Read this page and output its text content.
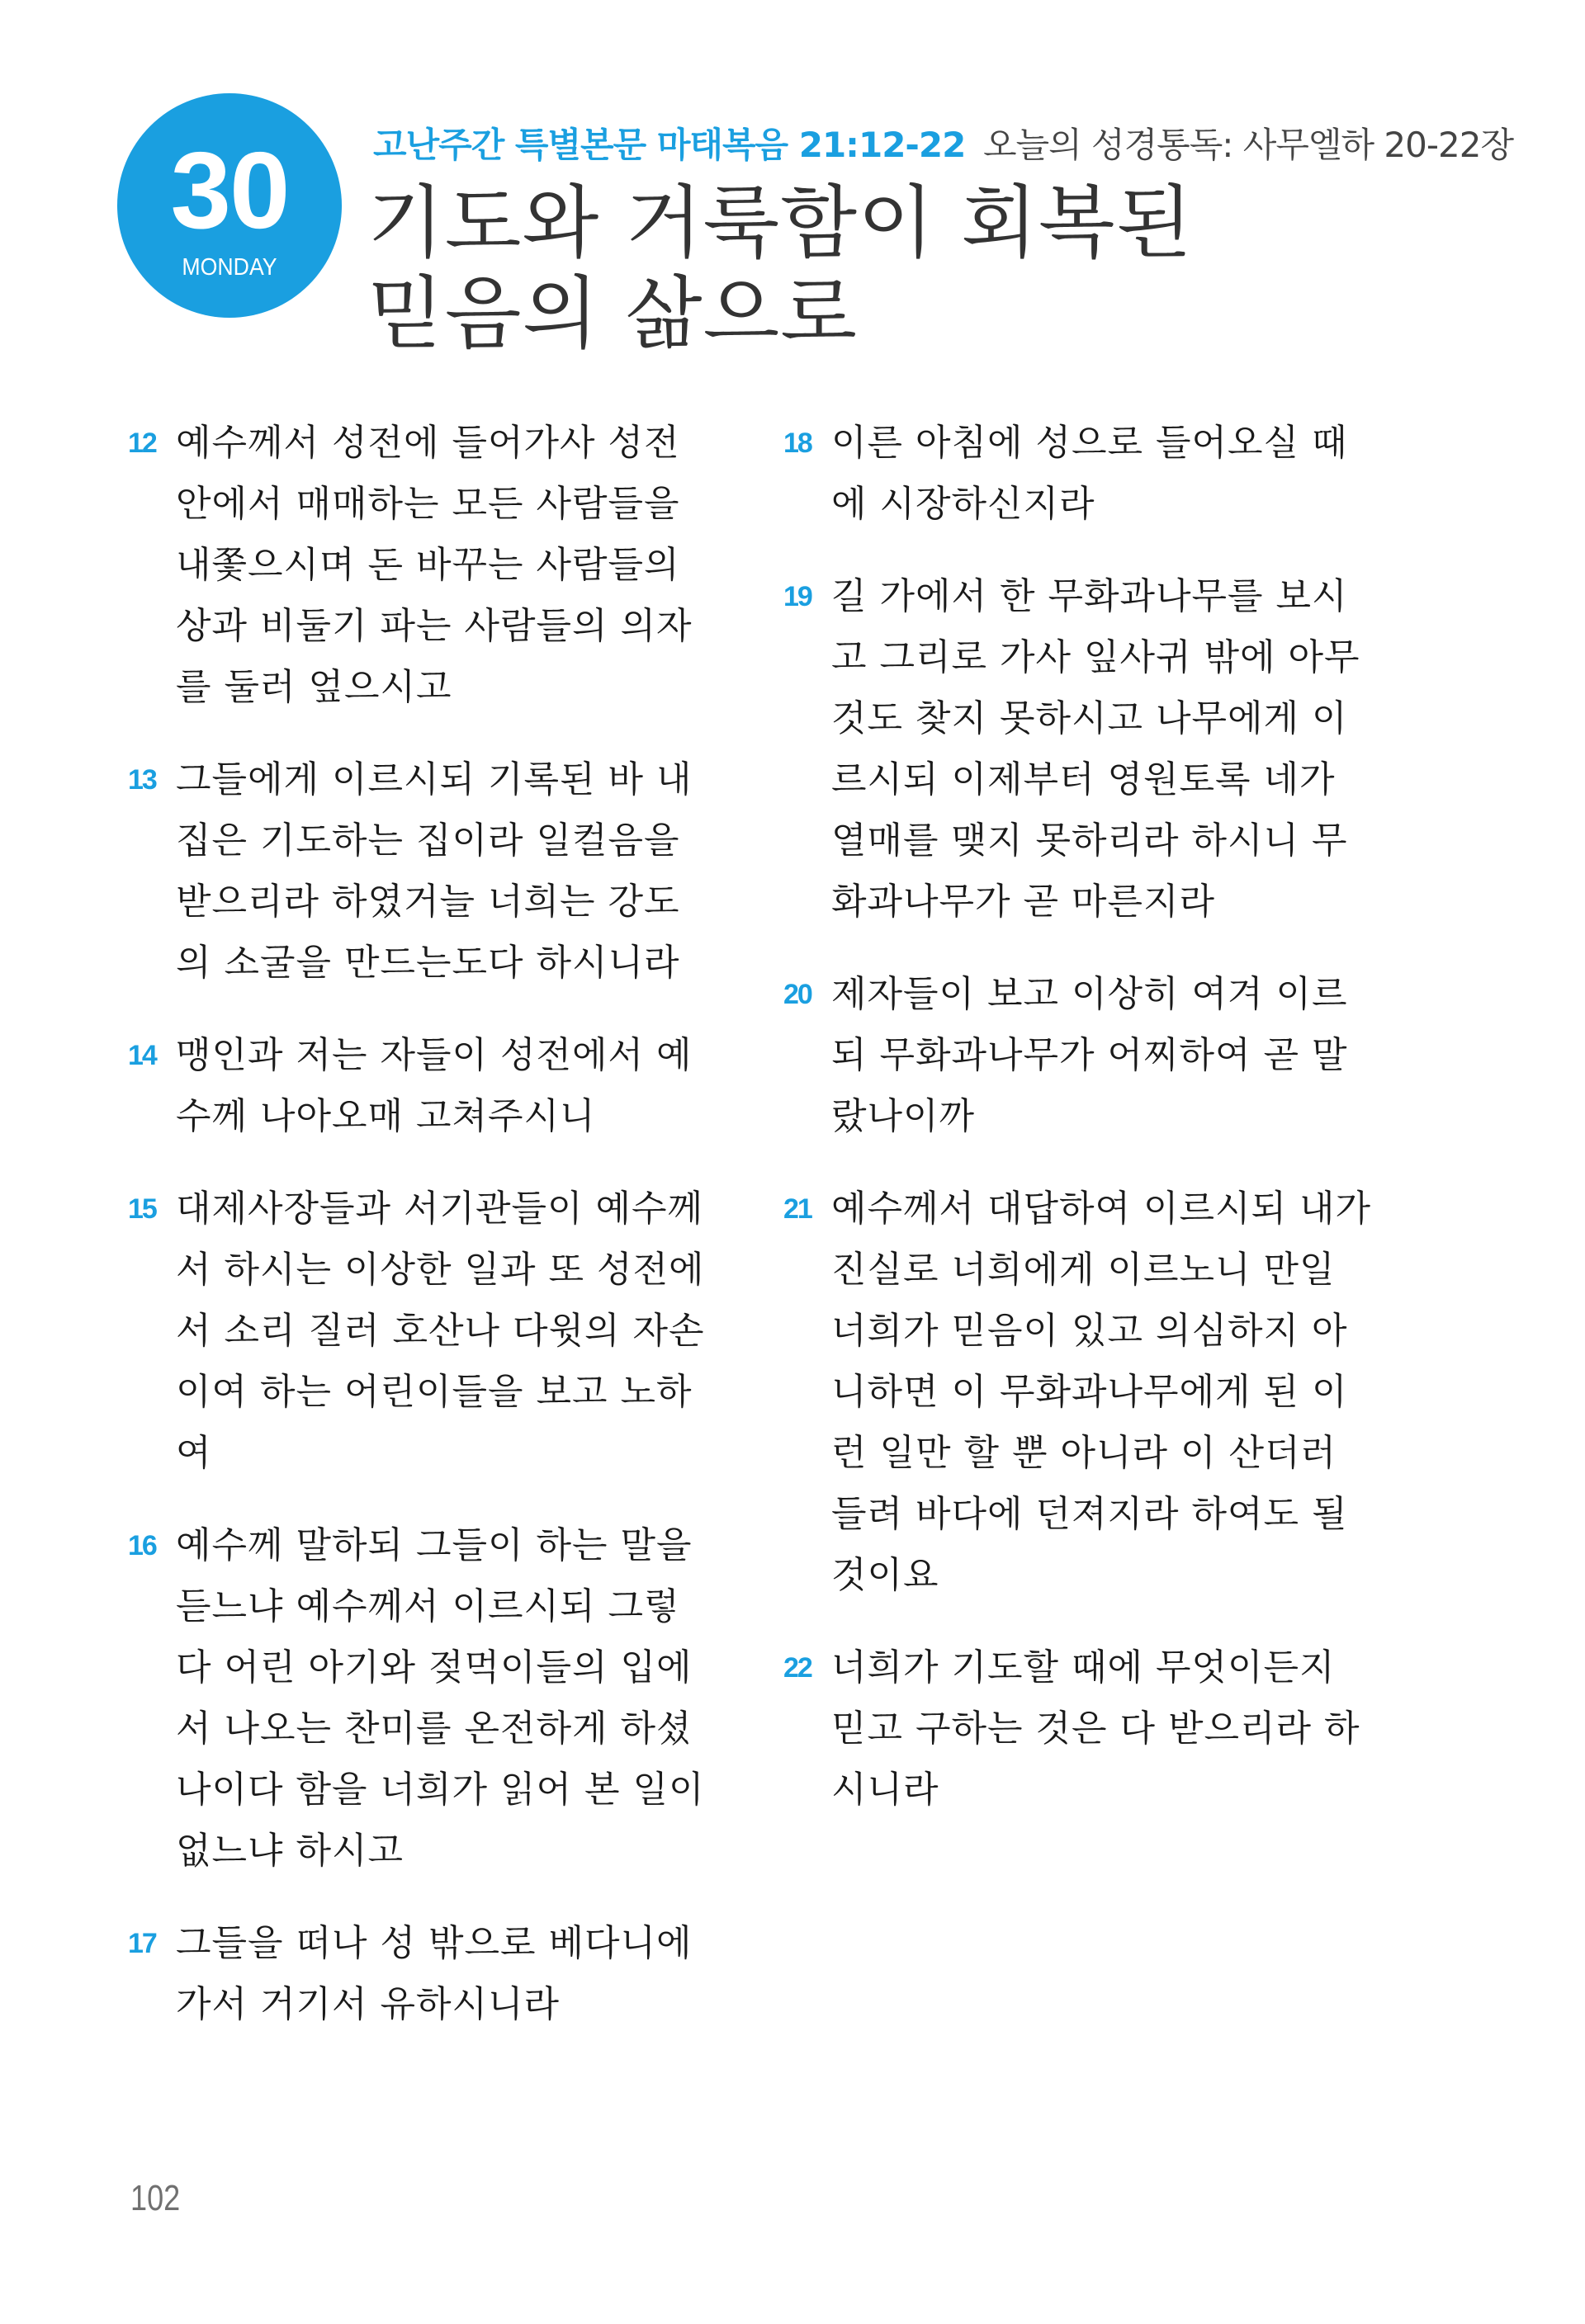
30
MONDAY
고난주간 특별본문 마태복음 21:12-22 오늘의 성경통독: 사무엘하 20-22장
기도와 거룩함이 회복된
믿음의 삶으로
12 예수께서 성전에 들어가사 성전
안에서 매매하는 모든 사람들을
내쫓으시며 돈 바꾸는 사람들의
상과 비둘기 파는 사람들의 의자
를 둘러 엎으시고
13 그들에게 이르시되 기록된 바 내
집은 기도하는 집이라 일컬음을
받으리라 하였거늘 너희는 강도
의 소굴을 만드는도다 하시니라
14 맹인과 저는 자들이 성전에서 예
수께 나아오매 고쳐주시니
15 대제사장들과 서기관들이 예수께
서 하시는 이상한 일과 또 성전에
서 소리 질러 호산나 다윗의 자손
이여 하는 어린이들을 보고 노하
여
16 예수께 말하되 그들이 하는 말을
듣느냐 예수께서 이르시되 그렇
다 어린 아기와 젖먹이들의 입에
서 나오는 찬미를 온전하게 하셨
나이다 함을 너희가 읽어 본 일이
없느냐 하시고
17 그들을 떠나 성 밖으로 베다니에
가서 거기서 유하시니라
18 이른 아침에 성으로 들어오실 때
에 시장하신지라
19 길 가에서 한 무화과나무를 보시
고 그리로 가사 잎사귀 밖에 아무
것도 찾지 못하시고 나무에게 이
르시되 이제부터 영원토록 네가
열매를 맺지 못하리라 하시니 무
화과나무가 곧 마른지라
20 제자들이 보고 이상히 여겨 이르
되 무화과나무가 어찌하여 곧 말
랐나이까
21 예수께서 대답하여 이르시되 내가
진실로 너희에게 이르노니 만일
너희가 믿음이 있고 의심하지 아
니하면 이 무화과나무에게 된 이
런 일만 할 뿐 아니라 이 산더러
들려 바다에 던져지라 하여도 될
것이요
22 너희가 기도할 때에 무엇이든지
믿고 구하는 것은 다 받으리라 하
시니라
102
